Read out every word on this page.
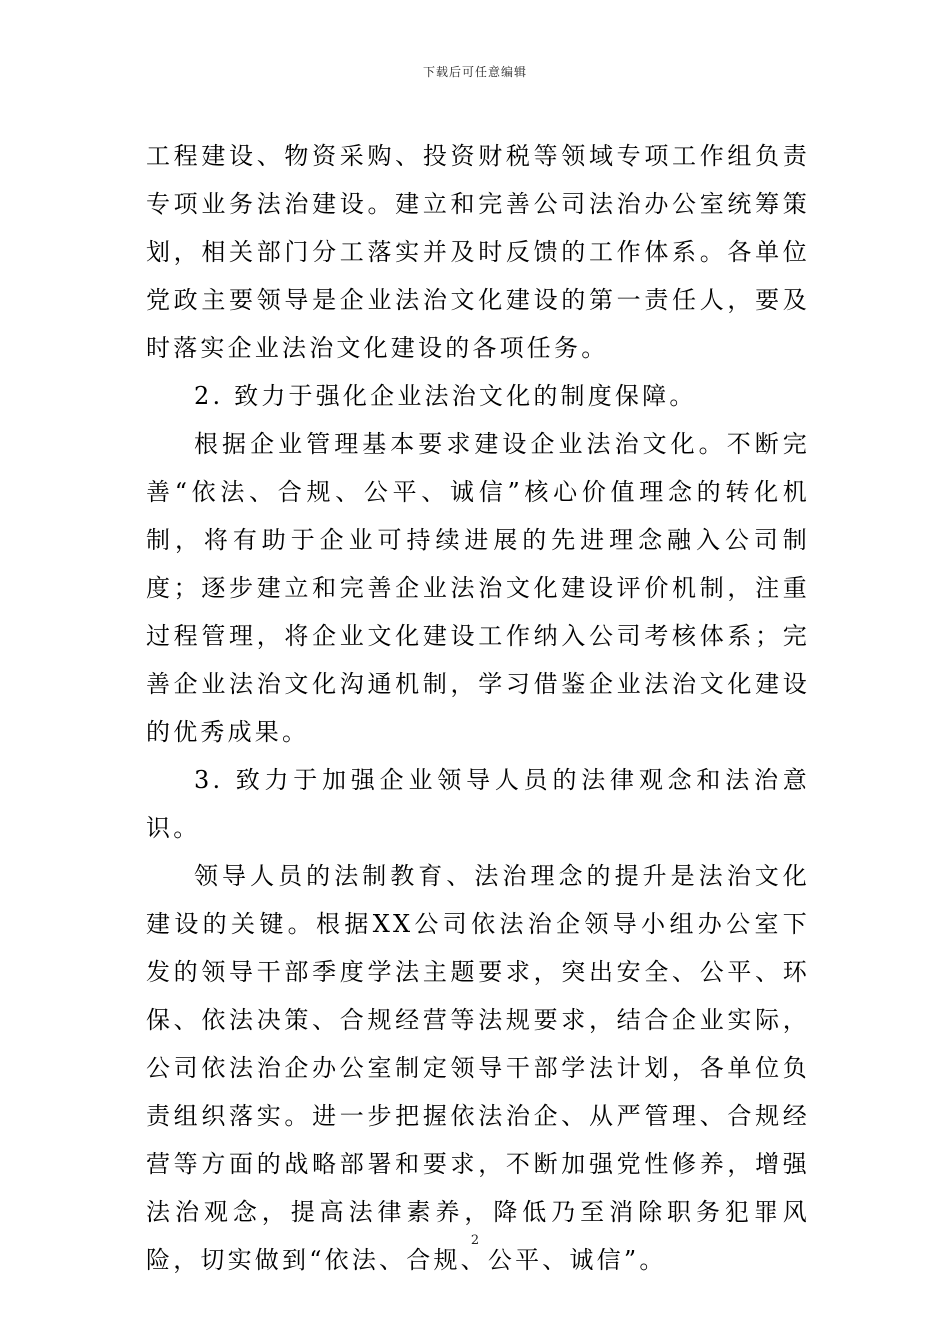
下载后可任意编辑

工程建设、物资采购、投资财税等领域专项工作组负责专项业务法治建设。建立和完善公司法治办公室统筹策划，相关部门分工落实并及时反馈的工作体系。各单位党政主要领导是企业法治文化建设的第一责任人，要及时落实企业法治文化建设的各项任务。

2. 致力于强化企业法治文化的制度保障。

根据企业管理基本要求建设企业法治文化。不断完善“依法、合规、公平、诚信”核心价值理念的转化机制，将有助于企业可持续进展的先进理念融入公司制度；逐步建立和完善企业法治文化建设评价机制，注重过程管理，将企业文化建设工作纳入公司考核体系；完善企业法治文化沟通机制，学习借鉴企业法治文化建设的优秀成果。

3. 致力于加强企业领导人员的法律观念和法治意识。

领导人员的法制教育、法治理念的提升是法治文化建设的关键。根据XX公司依法治企领导小组办公室下发的领导干部季度学法主题要求，突出安全、公平、环保、依法决策、合规经营等法规要求，结合企业实际，公司依法治企办公室制定领导干部学法计划，各单位负责组织落实。进一步把握依法治企、从严管理、合规经营等方面的战略部署和要求，不断加强党性修养，增强法治观念，提高法律素养，降低乃至消除职务犯罪风险，切实做到“依法、合规、公平、诚信”。

2
